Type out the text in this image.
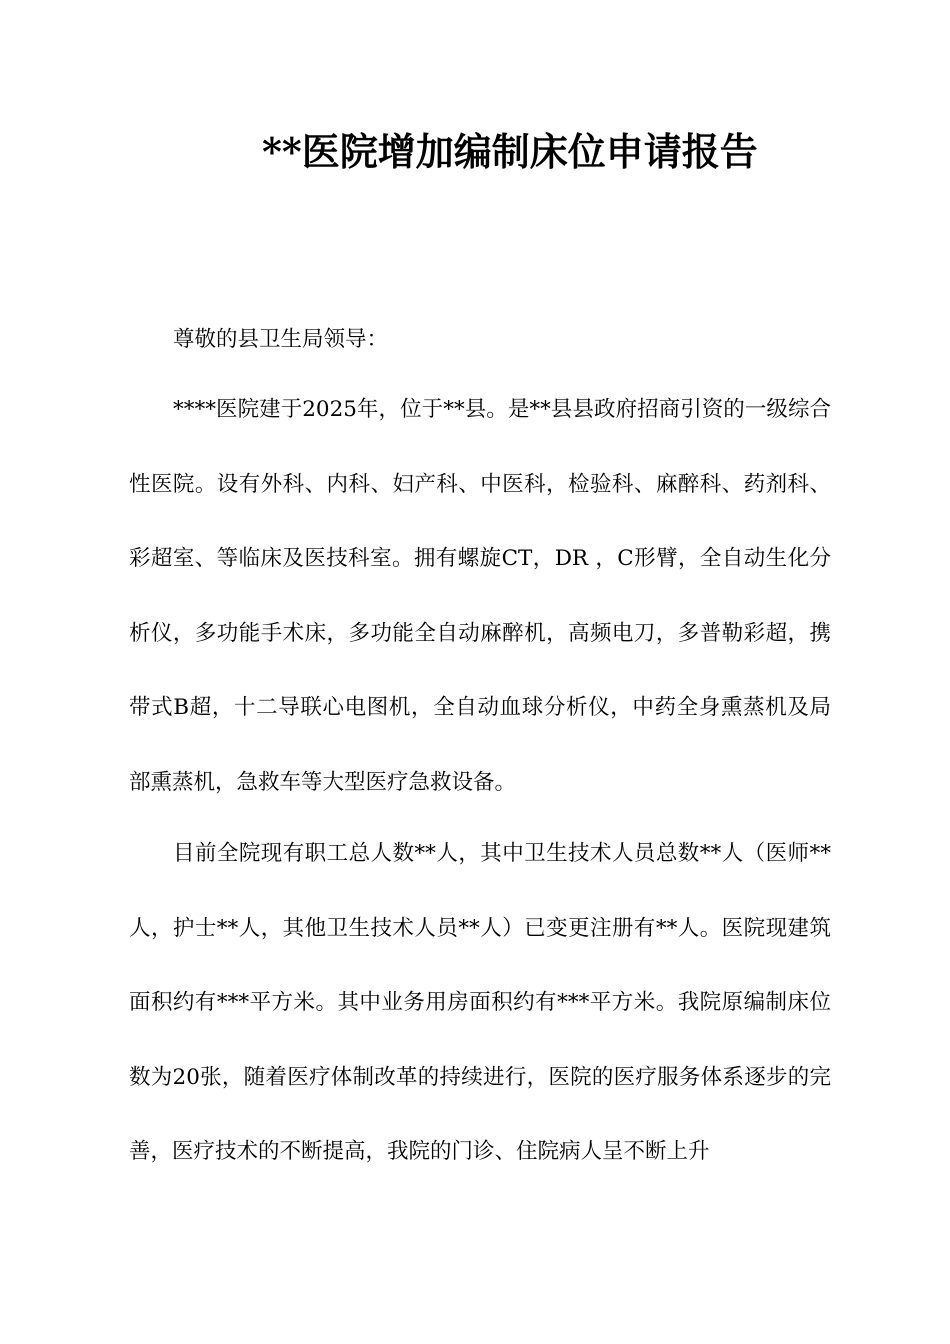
**医院增加编制床位申请报告
尊敬的县卫生局领导：
****医院建于2025年，位于**县。是**县县政府招商引资的一级综合性医院。设有外科、内科、妇产科、中医科，检验科、麻醉科、药剂科、彩超室、等临床及医技科室。拥有螺旋CT，DR ，C形臂，全自动生化分析仪，多功能手术床，多功能全自动麻醉机，高频电刀，多普勒彩超，携带式B超，十二导联心电图机，全自动血球分析仪，中药全身熏蒸机及局部熏蒸机，急救车等大型医疗急救设备。
目前全院现有职工总人数**人，其中卫生技术人员总数**人（医师**人，护士**人，其他卫生技术人员**人）已变更注册有**人。医院现建筑面积约有***平方米。其中业务用房面积约有***平方米。我院原编制床位数为20张，随着医疗体制改革的持续进行，医院的医疗服务体系逐步的完善，医疗技术的不断提高，我院的门诊、住院病人呈不断上升
